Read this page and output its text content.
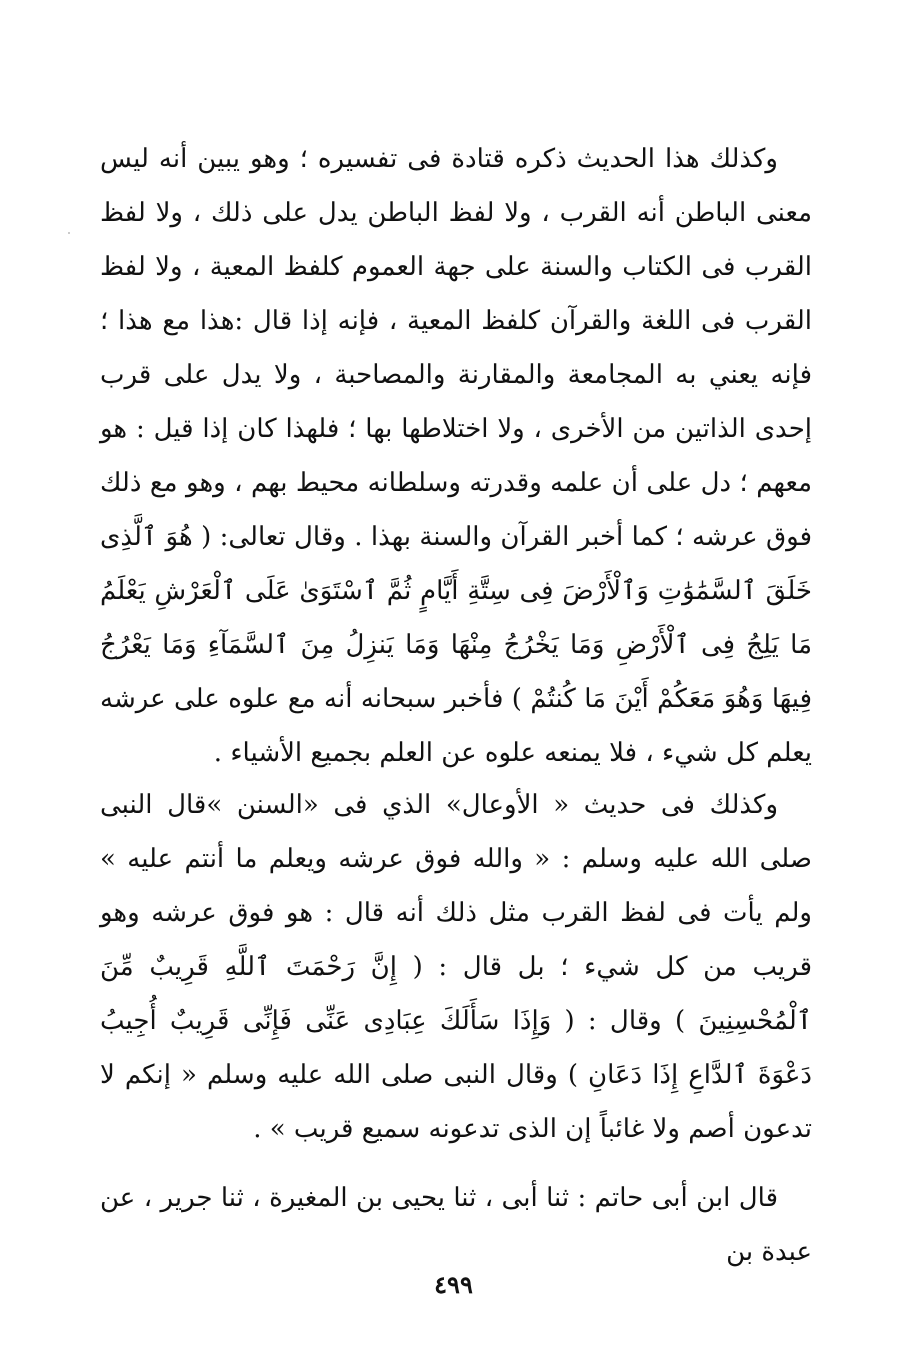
وكذلك هذا الحديث ذكره قتادة فى تفسيره ؛ وهو يبين أنه ليس معنى الباطن أنه القرب ، ولا لفظ الباطن يدل على ذلك ، ولا لفظ القرب فى الكتاب والسنة على جهة العموم كلفظ المعية ، ولا لفظ القرب فى اللغة والقرآن كلفظ المعية ، فإنه إذا قال :هذا مع هذا ؛ فإنه يعني به المجامعة والمقارنة والمصاحبة ، ولا يدل على قرب إحدى الذاتين من الأخرى ، ولا اختلاطها بها ؛ فلهذا كان إذا قيل : هو معهم ؛ دل على أن علمه وقدرته وسلطانه محيط بهم ، وهو مع ذلك فوق عرشه ؛ كما أخبر القرآن والسنة بهذا . وقال تعالى: ( هُوَ ٱلَّذِى خَلَقَ ٱلسَّمَٰوَٰتِ وَٱلْأَرْضَ فِى سِتَّةِ أَيَّامٍ ثُمَّ ٱسْتَوَىٰ عَلَى ٱلْعَرْشِ يَعْلَمُ مَا يَلِجُ فِى ٱلْأَرْضِ وَمَا يَخْرُجُ مِنْهَا وَمَا يَنزِلُ مِنَ ٱلسَّمَآءِ وَمَا يَعْرُجُ فِيهَا وَهُوَ مَعَكُمْ أَيْنَ مَا كُنتُمْ ) فأخبر سبحانه أنه مع علوه على عرشه يعلم كل شيء ، فلا يمنعه علوه عن العلم بجميع الأشياء .

وكذلك فى حديث « الأوعال» الذي فى «السنن »قال النبى صلى الله عليه وسلم : « والله فوق عرشه ويعلم ما أنتم عليه » ولم يأت فى لفظ القرب مثل ذلك أنه قال : هو فوق عرشه وهو قريب من كل شيء ؛ بل قال : ( إِنَّ رَحْمَتَ ٱللَّهِ قَرِيبٌ مِّنَ ٱلْمُحْسِنِينَ ) وقال : ( وَإِذَا سَأَلَكَ عِبَادِى عَنِّى فَإِنِّى قَرِيبٌ أُجِيبُ دَعْوَةَ ٱلدَّاعِ إِذَا دَعَانِ ) وقال النبى صلى الله عليه وسلم « إنكم لا تدعون أصم ولا غائباً إن الذى تدعونه سميع قريب » .

قال ابن أبى حاتم : ثنا أبى ، ثنا يحيى بن المغيرة ، ثنا جرير ، عن عبدة بن

٤٩٩
